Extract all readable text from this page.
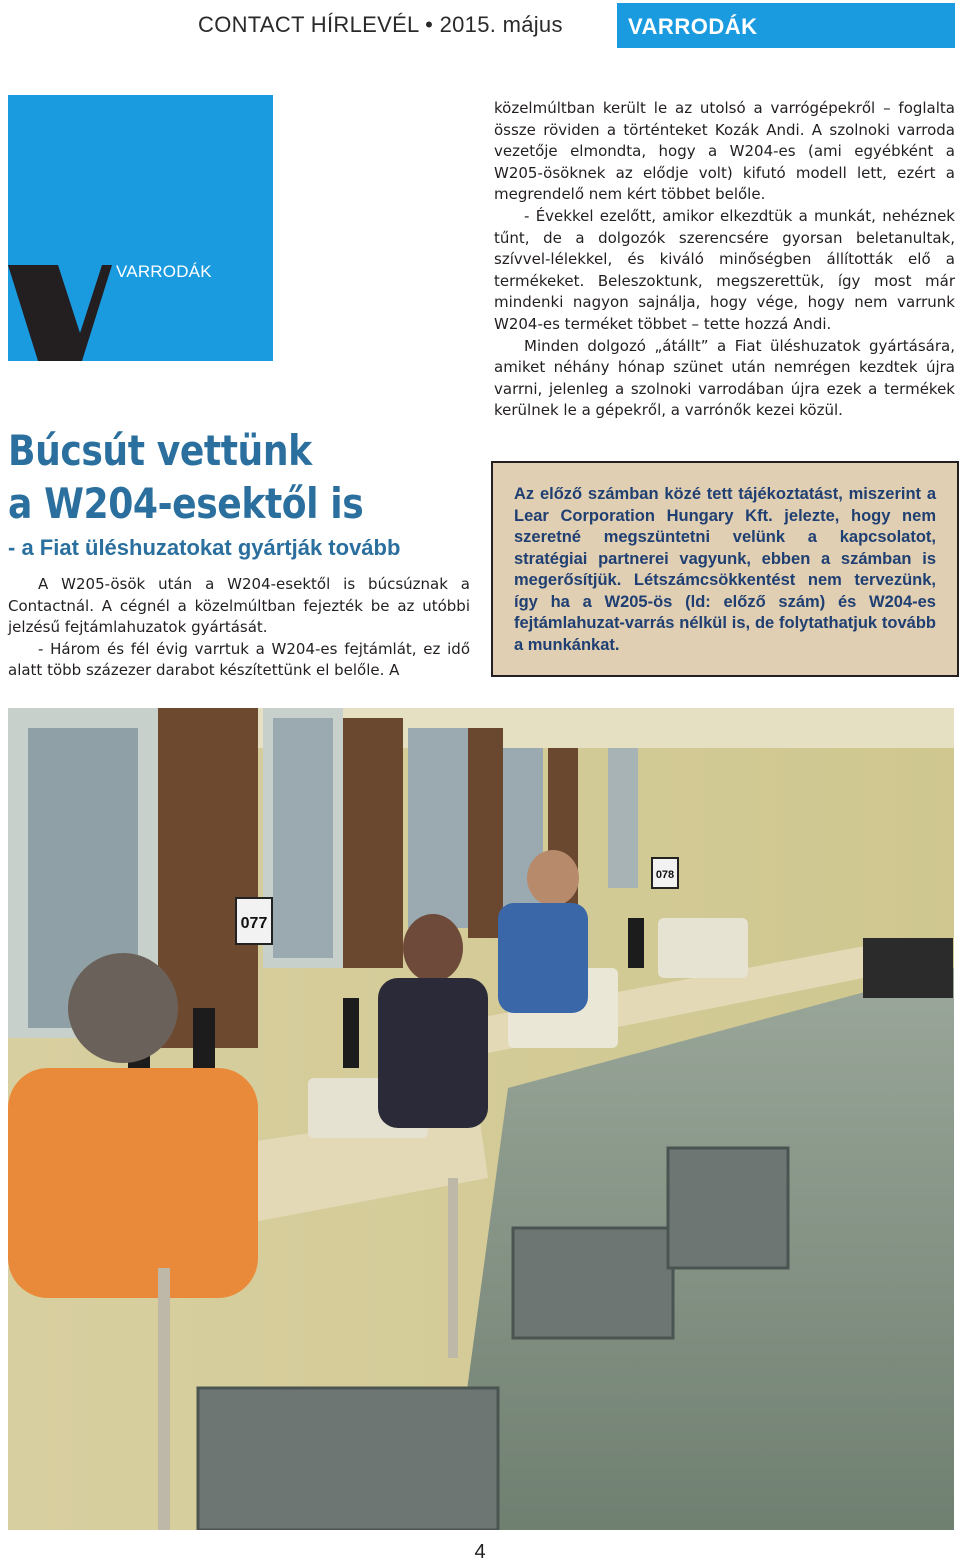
CONTACT HÍRLEVÉL • 2015. május	VARRODÁK
VARRODÁK
Búcsút vettünk
a W204-esektől is
- a Fiat üléshuzatokat gyártják tovább

A W205-ösök után a W204-esektől is búcsúznak a Contactnál. A cégnél a közelmúltban fejezték be az utóbbi jelzésű fejtámlahuzatok gyártását.

- Három és fél évig varrtuk a W204-es fejtámlát, ez idő alatt több százezer darabot készítettünk el belőle. A

közelmúltban került le az utolsó a varrógépekről – foglalta össze röviden a történteket Kozák Andi. A szolnoki varroda vezetője elmondta, hogy a W204-es (ami egyébként a W205-ösöknek az elődje volt) kifutó modell lett, ezért a megrendelő nem kért többet belőle.

- Évekkel ezelőtt, amikor elkezdtük a munkát, nehéznek tűnt, de a dolgozók szerencsére gyorsan beletanultak, szívvel-lélekkel, és kiváló minőségben állították elő a termékeket. Beleszoktunk, megszerettük, így most már mindenki nagyon sajnálja, hogy vége, hogy nem varrunk W204-es terméket többet – tette hozzá Andi.

Minden dolgozó „átállt” a Fiat üléshuzatok gyártására, amiket néhány hónap szünet után nemrégen kezdtek újra varrni, jelenleg a szolnoki varrodában újra ezek a termékek kerülnek le a gépekről, a varrónők kezei közül.

Az előző számban közé tett tájékoztatást, miszerint a Lear Corporation Hungary Kft. jelezte, hogy nem szeretné megszüntetni velünk a kapcsolatot, stratégiai partnerei vagyunk, ebben a számban is megerősítjük. Létszámcsökkentést nem tervezünk, így ha a W205-ös (ld: előző szám) és W204-es fejtámlahuzat-varrás nélkül is, de folytathatjuk tovább a munkánkat.

077
078
4
